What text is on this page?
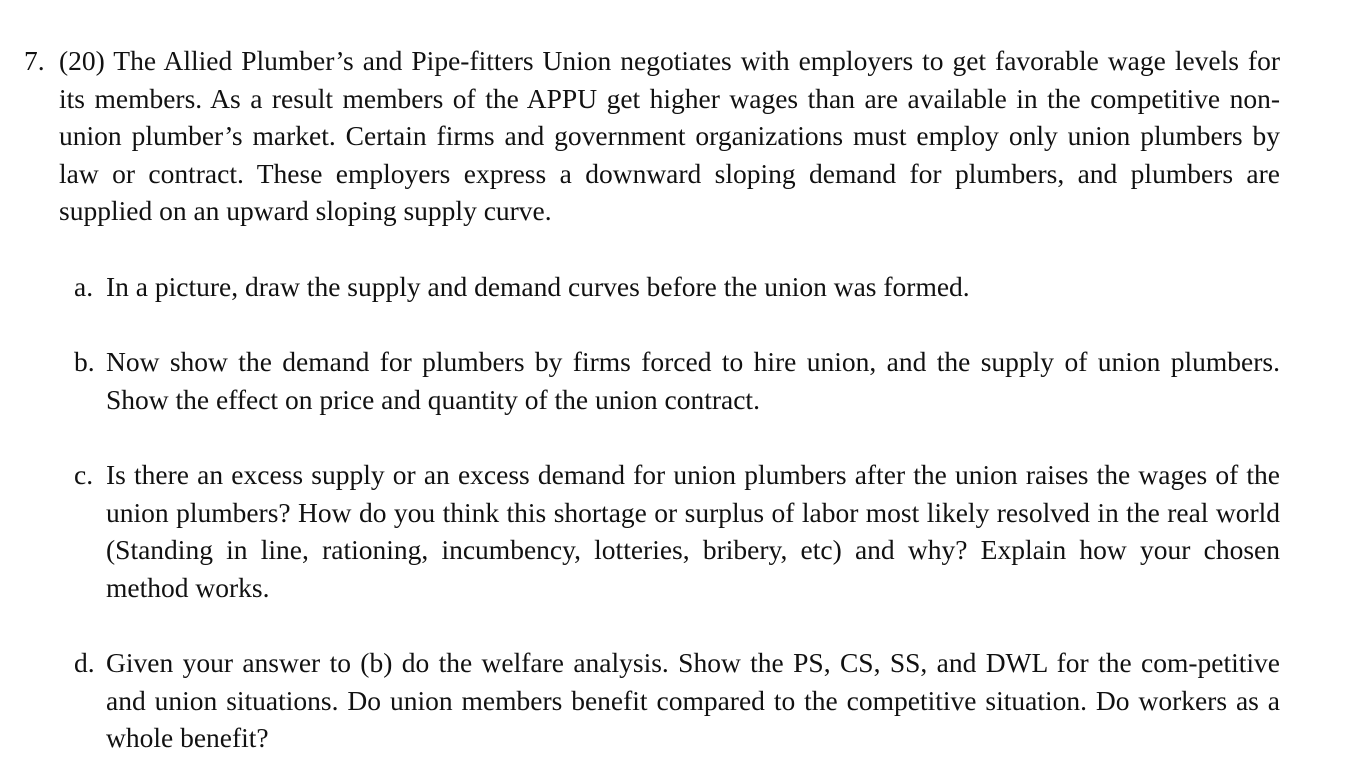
7. (20) The Allied Plumber’s and Pipe-fitters Union negotiates with employers to get favorable wage levels for its members. As a result members of the APPU get higher wages than are available in the competitive non-union plumber’s market. Certain firms and government organizations must employ only union plumbers by law or contract. These employers express a downward sloping demand for plumbers, and plumbers are supplied on an upward sloping supply curve.
a. In a picture, draw the supply and demand curves before the union was formed.
b. Now show the demand for plumbers by firms forced to hire union, and the supply of union plumbers. Show the effect on price and quantity of the union contract.
c. Is there an excess supply or an excess demand for union plumbers after the union raises the wages of the union plumbers? How do you think this shortage or surplus of labor most likely resolved in the real world (Standing in line, rationing, incumbency, lotteries, bribery, etc) and why? Explain how your chosen method works.
d. Given your answer to (b) do the welfare analysis. Show the PS, CS, SS, and DWL for the com-petitive and union situations. Do union members benefit compared to the competitive situation. Do workers as a whole benefit?
